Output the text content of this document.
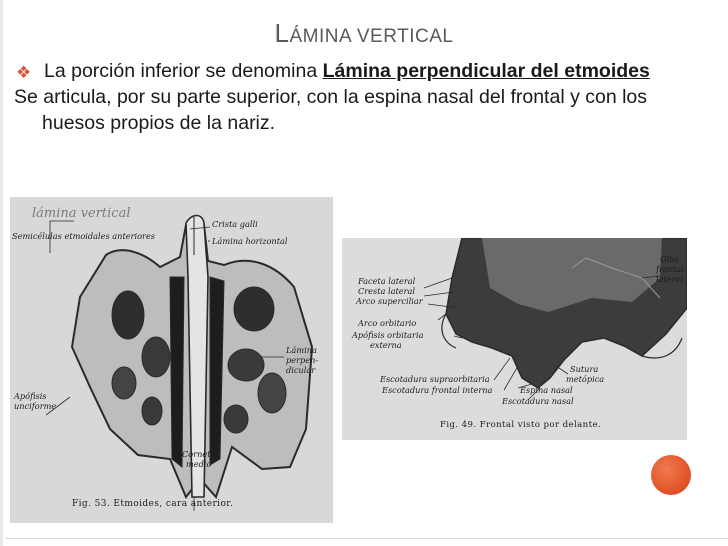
LÁMINA VERTICAL
❖ La porción inferior se denomina Lámina perpendicular del etmoides
Se articula, por su parte superior, con la espina nasal del frontal y con los huesos propios de la nariz.
lámina vertical
Semicélulas etmoidales anteriores
Crista galli
Lámina horizontal
Lámina
perpen-
dicular
Apófisis
unciforme
Cornete
medio
Fig. 53. Etmoides, cara anterior.
Faceta lateral
Cresta lateral
Arco superciliar
Arco orbitario
Apófisis orbitaria
externa
Giba
frontal
lateral
Sutura
metópica
Escotadura supraorbitaria
Escotadura frontal interna	Espina nasal
Escotadura nasal
Fig. 49. Frontal visto por delante.
